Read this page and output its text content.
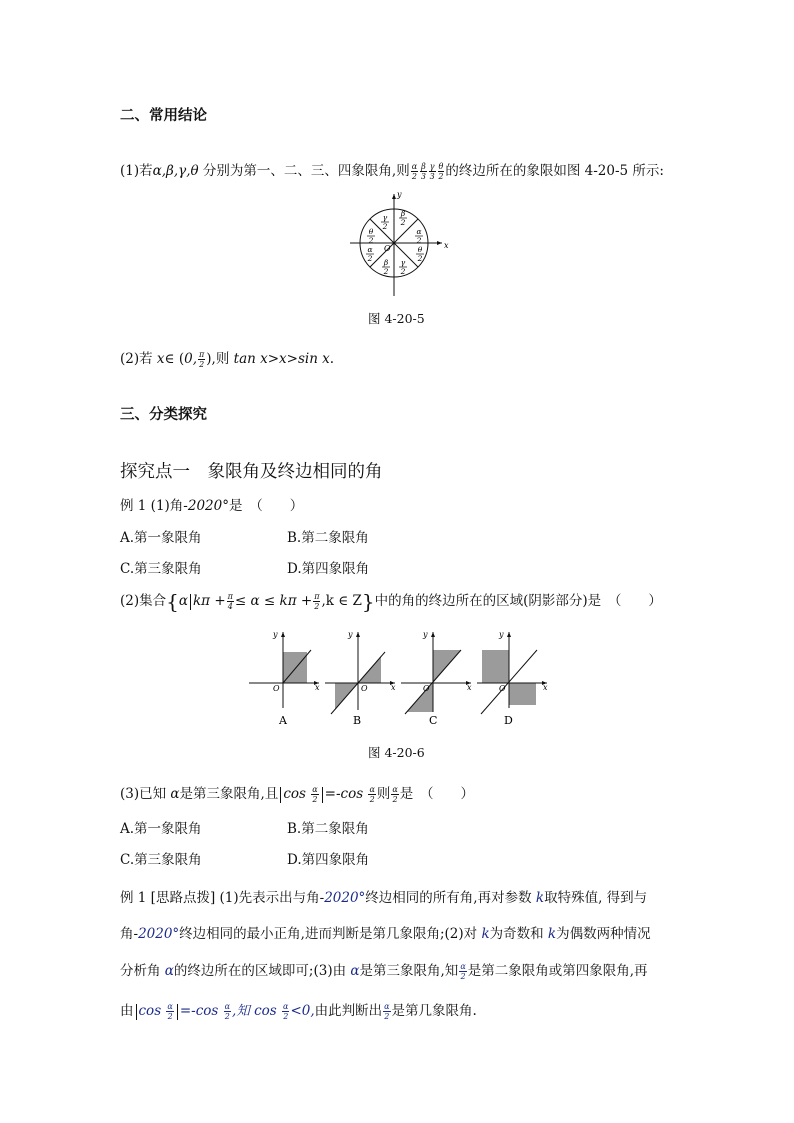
二、常用结论
(1)若α,β,γ,θ 分别为第一、二、三、四象限角,则 $\frac{\alpha}{2} \frac{\beta}{3} \frac{\gamma}{3} \frac{\theta}{2}$ 的终边所在的象限如图 4-20-5 所示:
x
y
O
γ
2
β
2
θ
2
α
2
α
2
θ
2
β
2
γ
2
图 4-20-5
(2)若 x∈ (0, $\frac{\pi}{2}$ ),则 tan x>x>sin x.
三、分类探究
探究点一　象限角及终边相同的角
例 1 (1)角-2020°是　（　　）
A.第一象限角	B.第二象限角
C.第三象限角	D.第四象限角
(2)集合{α $k\pi + \frac{\pi}{4} \le \alpha \le k\pi + \frac{\pi}{2} ,k$ ∈ Z}中的角的终边所在的区域(阴影部分)是　（　　）
x
y
O
A
x
y
O
B
x
y
O
C
x
y
O
D
图 4-20-6
(3)已知 α是第三象限角,且 $\cos \frac{\alpha}{2} =-\cos \frac{\alpha}{2}$ 则 $\frac{\alpha}{2}$ 是　（　　）
A.第一象限角	B.第二象限角
C.第三象限角	D.第四象限角
例 1 [思路点拨] (1)先表示出与角-2020°终边相同的所有角,再对参数 k取特殊值, 得到与
角-2020°终边相同的最小正角,进而判断是第几象限角;(2)对 k为奇数和 k为偶数两种情况
分析角 α的终边所在的区域即可;(3)由 α是第三象限角,知 $\frac{\alpha}{2}$ 是第二象限角或第四象限角,再
由 $\cos \frac{\alpha}{2} =-\cos \frac{\alpha}{2}$ ,知 $\cos \frac{\alpha}{2} <0$,由此判断出 $\frac{\alpha}{2}$ 是第几象限角.
